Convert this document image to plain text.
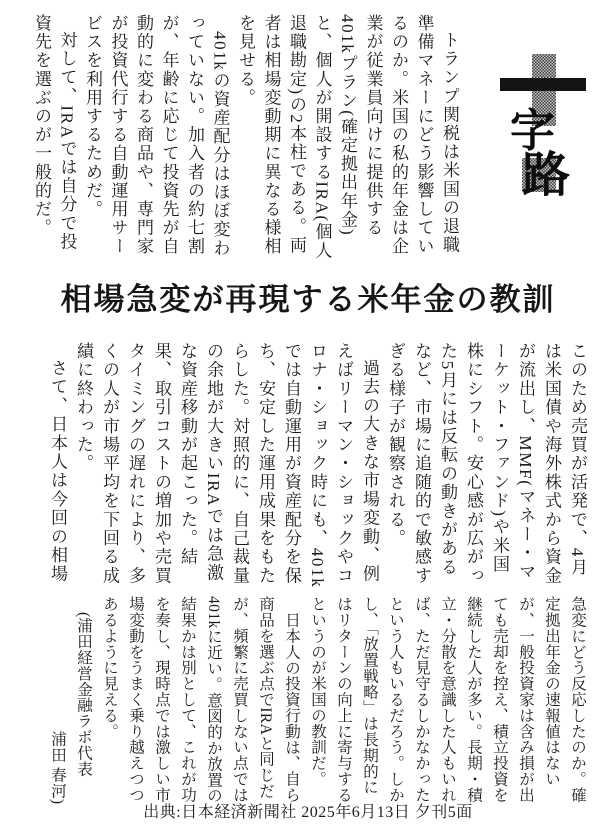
トランプ関税は米国の退職準備マネーにどう影響しているのか。米国の私的年金は企業が従業員向けに提供する401kプラン(確定拠出年金)と、個人が開設するIRA(個人退職勘定)の2本柱である。両者は相場変動期に異なる様相を見せる。

401kの資産配分はほぼ変わっていない。加入者の約七割が、年齢に応じて投資先が自動的に変わる商品や、専門家が投資代行する自動運用サービスを利用するためだ。

対して、IRAでは自分で投資先を選ぶのが一般的だ。	字
路
相場急変が再現する米年金の教訓

このため売買が活発で、4月は米国債や海外株式から資金が流出し、MMF(マネー・マーケット・ファンド)や米国株にシフト。安心感が広がった5月には反転の動きがあるなど、市場に追随的で敏感すぎる様子が観察される。

過去の大きな市場変動、例えばリーマン・ショックやコロナ・ショック時にも、401kでは自動運用が資産配分を保ち、安定した運用成果をもたらした。対照的に、自己裁量の余地が大きいIRAでは急激な資産移動が起こった。結果、取引コストの増加や売買タイミングの遅れにより、多くの人が市場平均を下回る成績に終わった。

さて、日本人は今回の相場

急変にどう反応したのか。確定拠出年金の速報値はないが、一般投資家は含み損が出ても売却を控え、積立投資を継続した人が多い。長期・積立・分散を意識した人もいれば、ただ見守るしかなかったという人もいるだろう。しかし、「放置戦略」は長期的にはリターンの向上に寄与するというのが米国の教訓だ。

日本人の投資行動は、自ら商品を選ぶ点でIRAと同じだが、頻繁に売買しない点では401kに近い。意図的か放置の結果かは別として、これが功を奏し、現時点では激しい市場変動をうまく乗り越えつつあるように見える。

(浦田経営金融ラボ代表

浦田 春河)

出典:日本経済新聞社 2025年6月13日 夕刊5面
